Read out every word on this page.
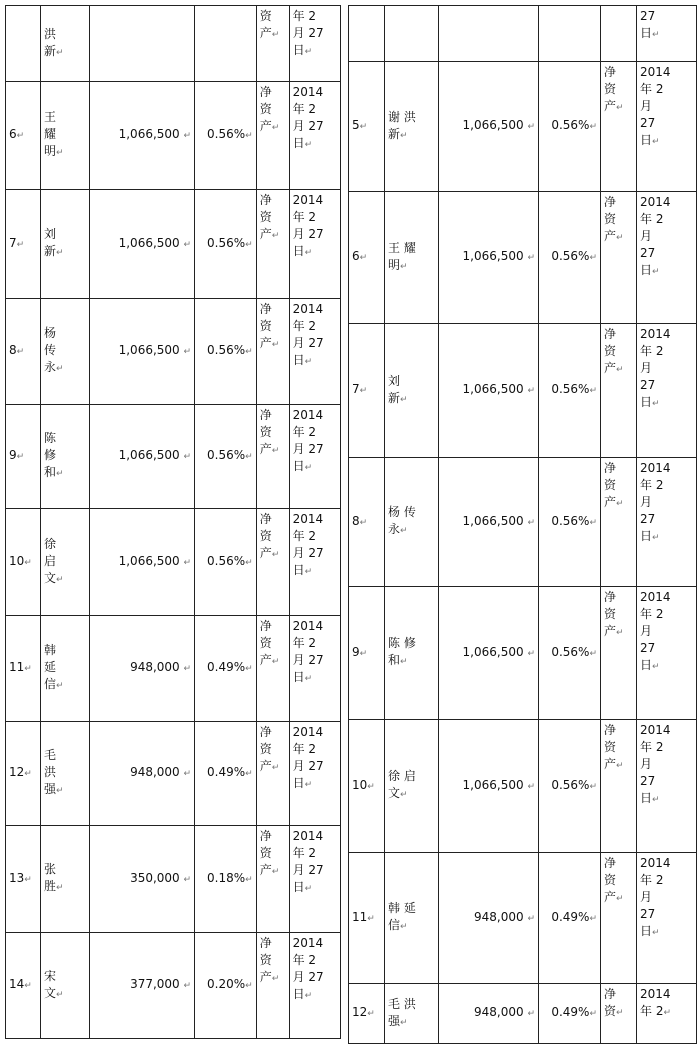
	洪
新↵			资
产↵	年 2
月 27
日↵

6↵	王
耀
明↵	1,066,500 ↵	0.56%↵	净
资
产↵	2014
年 2
月 27
日↵

7↵	刘
新↵	1,066,500 ↵	0.56%↵	净
资
产↵	2014
年 2
月 27
日↵

8↵	杨
传
永↵	1,066,500 ↵	0.56%↵	净
资
产↵	2014
年 2
月 27
日↵

9↵	陈
修
和↵	1,066,500 ↵	0.56%↵	净
资
产↵	2014
年 2
月 27
日↵

10↵	徐
启
文↵	1,066,500 ↵	0.56%↵	净
资
产↵	2014
年 2
月 27
日↵

11↵	韩
延
信↵	948,000 ↵	0.49%↵	净
资
产↵	2014
年 2
月 27
日↵

12↵	毛
洪
强↵	948,000 ↵	0.49%↵	净
资
产↵	2014
年 2
月 27
日↵

13↵	张
胜↵	350,000 ↵	0.18%↵	净
资
产↵	2014
年 2
月 27
日↵

14↵	宋
文↵	377,000 ↵	0.20%↵	净
资
产↵	2014
年 2
月 27
日↵

					27
日↵

5↵	谢 洪
新↵	1,066,500 ↵	0.56%↵	净
资
产↵	2014
年 2
月
27
日↵

6↵	王 耀
明↵	1,066,500 ↵	0.56%↵	净
资
产↵	2014
年 2
月
27
日↵

7↵	刘
新↵	1,066,500 ↵	0.56%↵	净
资
产↵	2014
年 2
月
27
日↵

8↵	杨 传
永↵	1,066,500 ↵	0.56%↵	净
资
产↵	2014
年 2
月
27
日↵

9↵	陈 修
和↵	1,066,500 ↵	0.56%↵	净
资
产↵	2014
年 2
月
27
日↵

10↵	徐 启
文↵	1,066,500 ↵	0.56%↵	净
资
产↵	2014
年 2
月
27
日↵

11↵	韩 延
信↵	948,000 ↵	0.49%↵	净
资
产↵	2014
年 2
月
27
日↵

12↵	毛 洪
强↵	948,000 ↵	0.49%↵	净
资↵	2014
年 2↵
